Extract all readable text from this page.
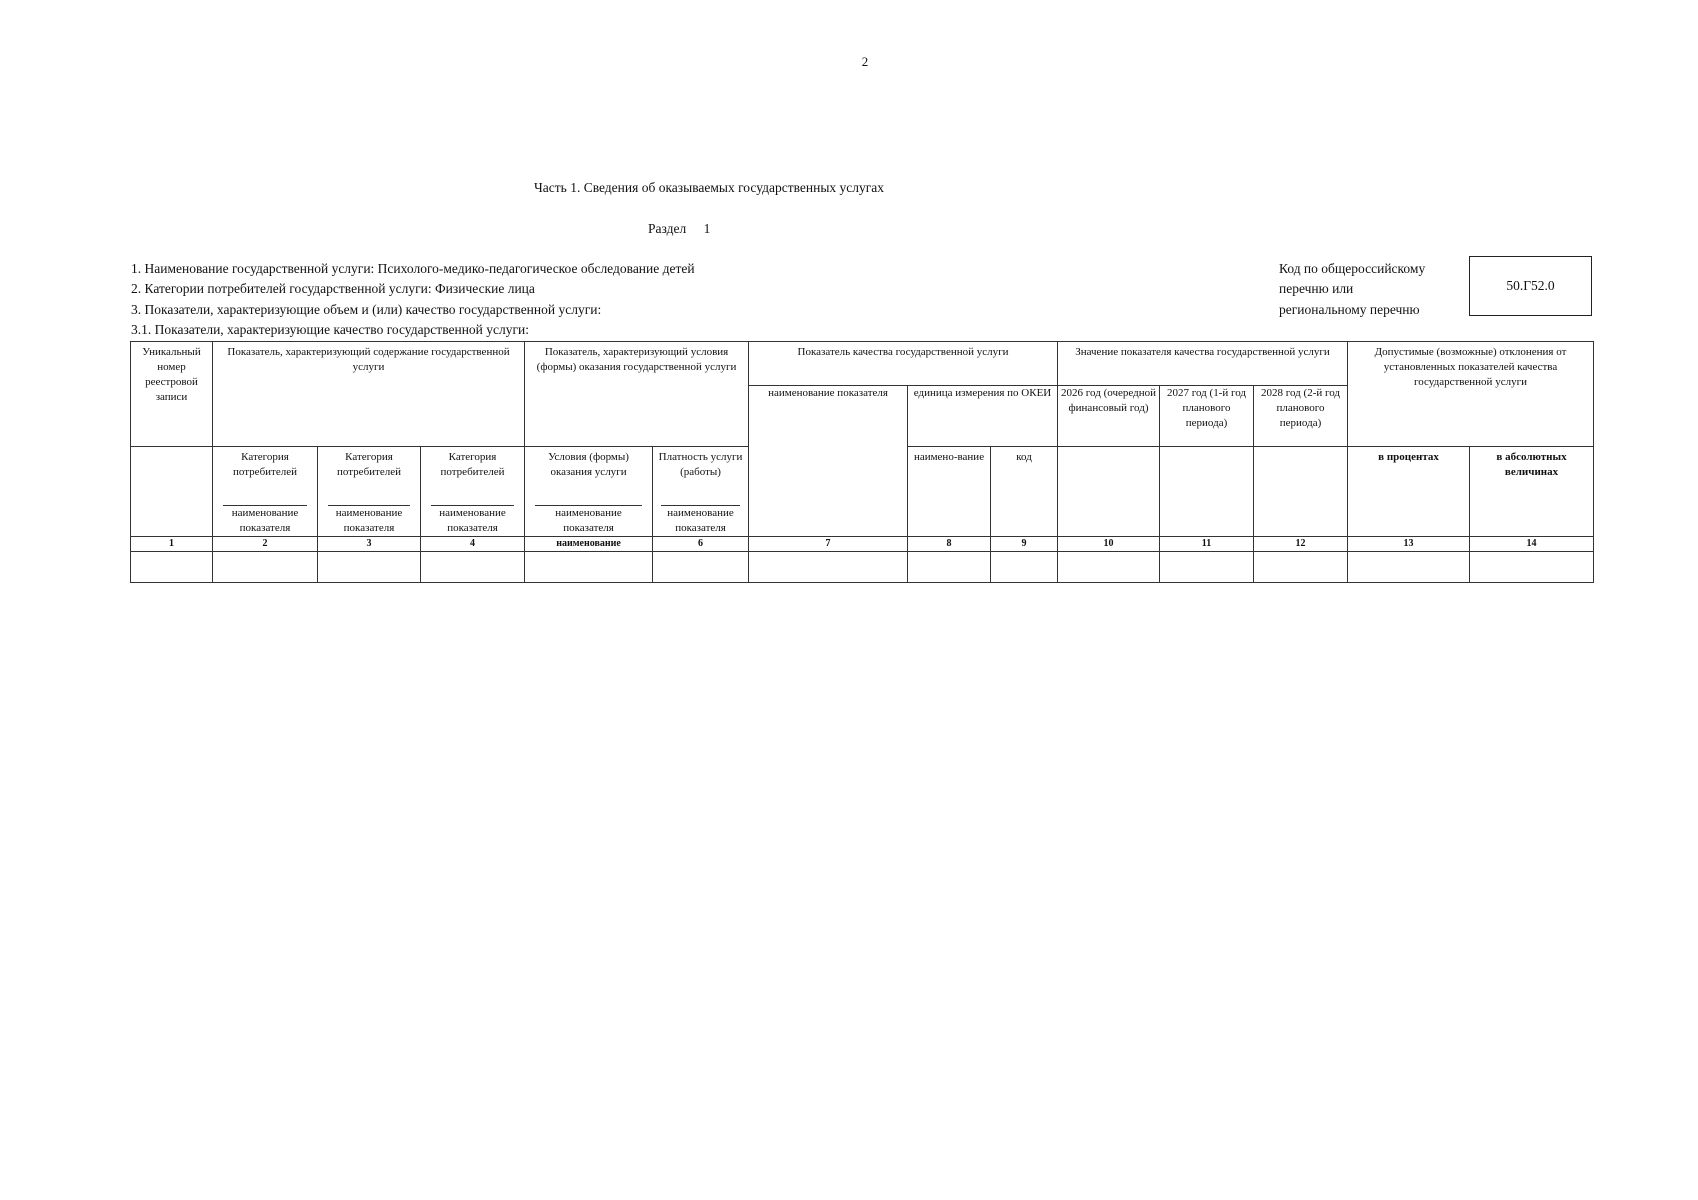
2
Часть 1. Сведения об оказываемых государственных услугах
Раздел 1
1. Наименование государственной услуги: Психолого-медико-педагогическое обследование детей
2. Категории потребителей государственной услуги: Физические лица
3. Показатели, характеризующие объем и (или) качество государственной услуги:
3.1. Показатели, характеризующие качество государственной услуги:
Код по общероссийскому
перечню или
региональному перечню
50.Г52.0
Уникальный номер реестровой записи	Показатель, характеризующий содержание государственной услуги			Показатель, характеризующий условия (формы) оказания государственной услуги		Показатель качества государственной услуги			Значение показателя качества государственной услуги			Допустимые (возможные) отклонения от установленных показателей качества государственной услуги	
						наименование показателя	единица измерения по ОКЕИ		2026 год (очередной финансовый год)	2027 год (1-й год планового периода)	2028 год (2-й год планового периода)		
	Категория потребителей	Категория потребителей	Категория потребителей	Условия (формы) оказания услуги	Платность услуги (работы)		наимено-вание	код				в процентах	в абсолютных величинах

	наименование показателя	наименование показателя	наименование показателя	наименование показателя	наименование показателя								

1	2	3	4	наименование	6	7	8	9	10	11	12	13	14
